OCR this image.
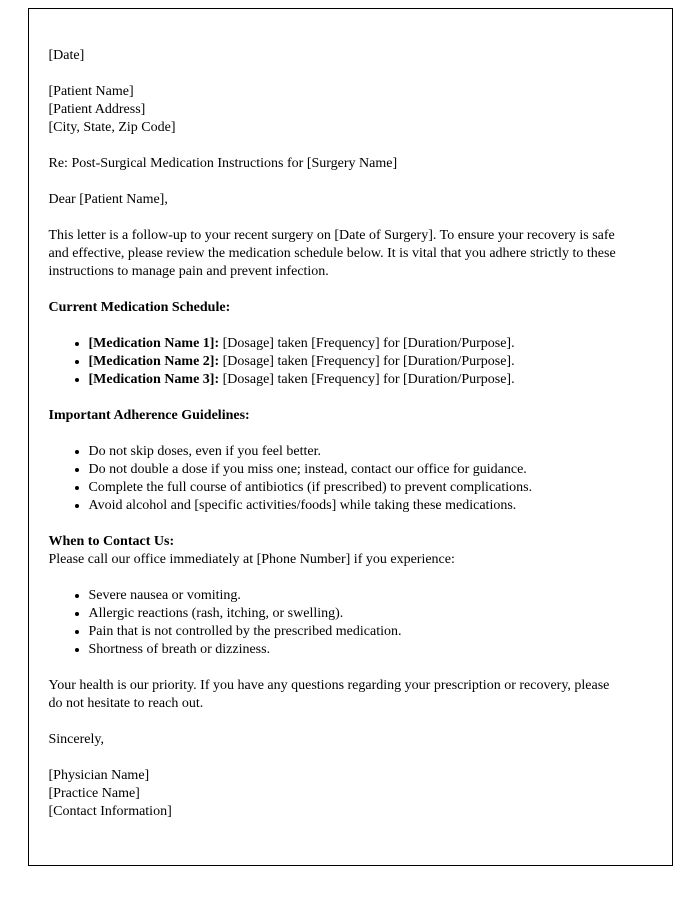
[Date]

[Patient Name]
[Patient Address]
[City, State, Zip Code]

Re: Post-Surgical Medication Instructions for [Surgery Name]

Dear [Patient Name],

This letter is a follow-up to your recent surgery on [Date of Surgery]. To ensure your recovery is safe and effective, please review the medication schedule below. It is vital that you adhere strictly to these instructions to manage pain and prevent infection.

Current Medication Schedule:

• [Medication Name 1]: [Dosage] taken [Frequency] for [Duration/Purpose].
• [Medication Name 2]: [Dosage] taken [Frequency] for [Duration/Purpose].
• [Medication Name 3]: [Dosage] taken [Frequency] for [Duration/Purpose].

Important Adherence Guidelines:

• Do not skip doses, even if you feel better.
• Do not double a dose if you miss one; instead, contact our office for guidance.
• Complete the full course of antibiotics (if prescribed) to prevent complications.
• Avoid alcohol and [specific activities/foods] while taking these medications.

When to Contact Us:

Please call our office immediately at [Phone Number] if you experience:

• Severe nausea or vomiting.
• Allergic reactions (rash, itching, or swelling).
• Pain that is not controlled by the prescribed medication.
• Shortness of breath or dizziness.

Your health is our priority. If you have any questions regarding your prescription or recovery, please do not hesitate to reach out.

Sincerely,

[Physician Name]
[Practice Name]
[Contact Information]
